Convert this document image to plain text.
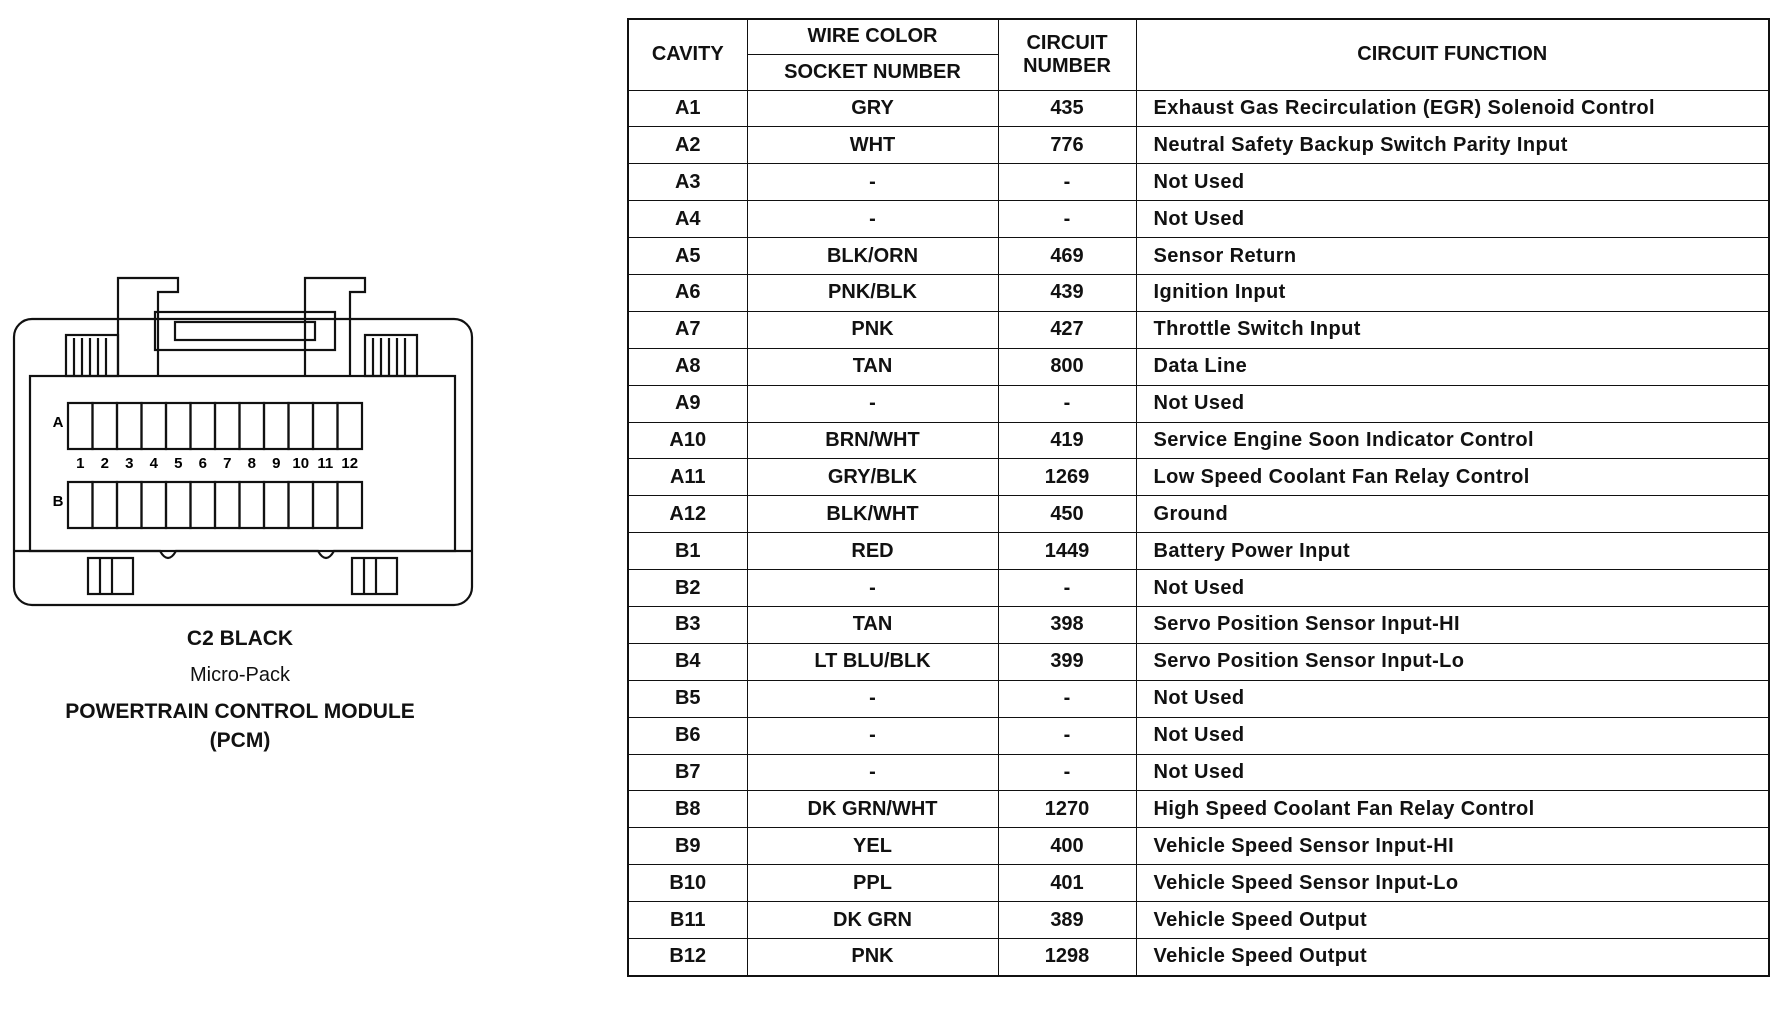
A
B
1 2 3 4 5 6 7 8 9 10 11 12
C2 BLACK
Micro-Pack
POWERTRAIN CONTROL MODULE
(PCM)
CAVITY	WIRE COLOR	CIRCUIT NUMBER	CIRCUIT FUNCTION
	SOCKET NUMBER		
A1	GRY	435	Exhaust Gas Recirculation (EGR) Solenoid Control
A2	WHT	776	Neutral Safety Backup Switch Parity Input
A3	-	-	Not Used
A4	-	-	Not Used
A5	BLK/ORN	469	Sensor Return
A6	PNK/BLK	439	Ignition Input
A7	PNK	427	Throttle Switch Input
A8	TAN	800	Data Line
A9	-	-	Not Used
A10	BRN/WHT	419	Service Engine Soon Indicator Control
A11	GRY/BLK	1269	Low Speed Coolant Fan Relay Control
A12	BLK/WHT	450	Ground
B1	RED	1449	Battery Power Input
B2	-	-	Not Used
B3	TAN	398	Servo Position Sensor Input-HI
B4	LT BLU/BLK	399	Servo Position Sensor Input-Lo
B5	-	-	Not Used
B6	-	-	Not Used
B7	-	-	Not Used
B8	DK GRN/WHT	1270	High Speed Coolant Fan Relay Control
B9	YEL	400	Vehicle Speed Sensor Input-HI
B10	PPL	401	Vehicle Speed Sensor Input-Lo
B11	DK GRN	389	Vehicle Speed Output
B12	PNK	1298	Vehicle Speed Output
